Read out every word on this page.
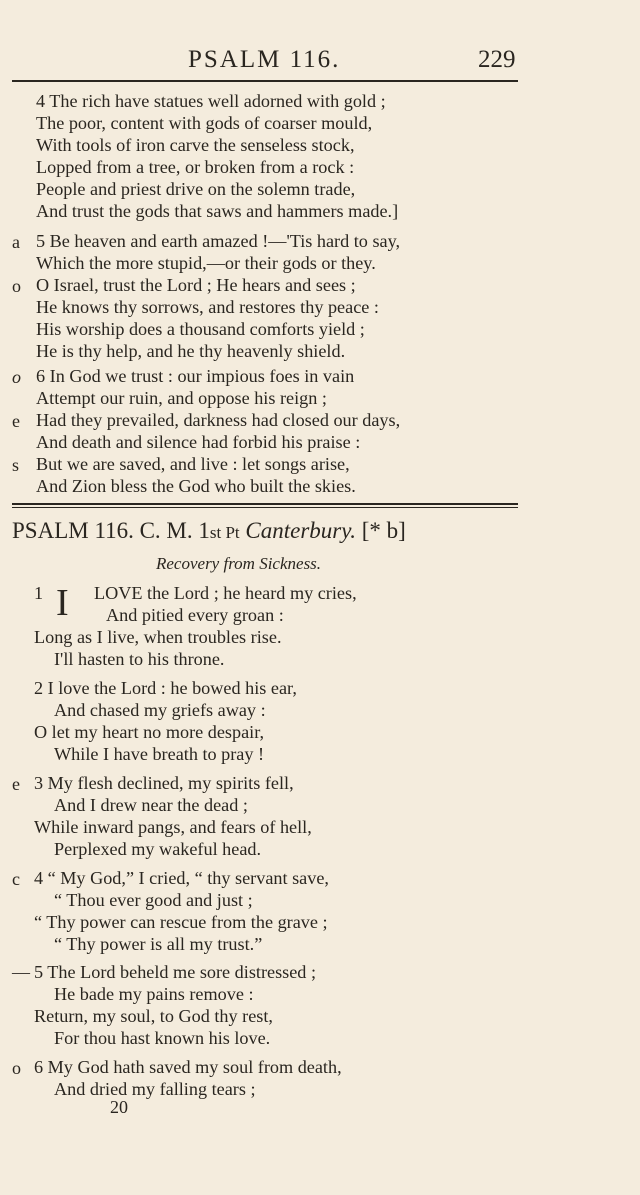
PSALM 116.	229
4 The rich have statues well adorned with gold ;
The poor, content with gods of coarser mould,
With tools of iron carve the senseless stock,
Lopped from a tree, or broken from a rock :
People and priest drive on the solemn trade,
And trust the gods that saws and hammers made.]
a 5 Be heaven and earth amazed !—'Tis hard to say,
Which the more stupid,—or their gods or they.
o O Israel, trust the Lord ; He hears and sees ;
He knows thy sorrows, and restores thy peace :
His worship does a thousand comforts yield ;
He is thy help, and he thy heavenly shield.
o 6 In God we trust : our impious foes in vain
Attempt our ruin, and oppose his reign ;
e Had they prevailed, darkness had closed our days,
And death and silence had forbid his praise :
s But we are saved, and live : let songs arise,
And Zion bless the God who built the skies.
PSALM 116. C. M. 1st Pt Canterbury. [* b]
Recovery from Sickness.
1 I LOVE the Lord ; he heard my cries,
And pitied every groan :
Long as I live, when troubles rise.
I'll hasten to his throne.
2 I love the Lord : he bowed his ear,
And chased my griefs away :
O let my heart no more despair,
While I have breath to pray !
e 3 My flesh declined, my spirits fell,
And I drew near the dead ;
While inward pangs, and fears of hell,
Perplexed my wakeful head.
c 4 “ My God,” I cried, “ thy servant save,
“ Thou ever good and just ;
“ Thy power can rescue from the grave ;
“ Thy power is all my trust.”
— 5 The Lord beheld me sore distressed ;
He bade my pains remove :
Return, my soul, to God thy rest,
For thou hast known his love.
o 6 My God hath saved my soul from death,
And dried my falling tears ;
20
